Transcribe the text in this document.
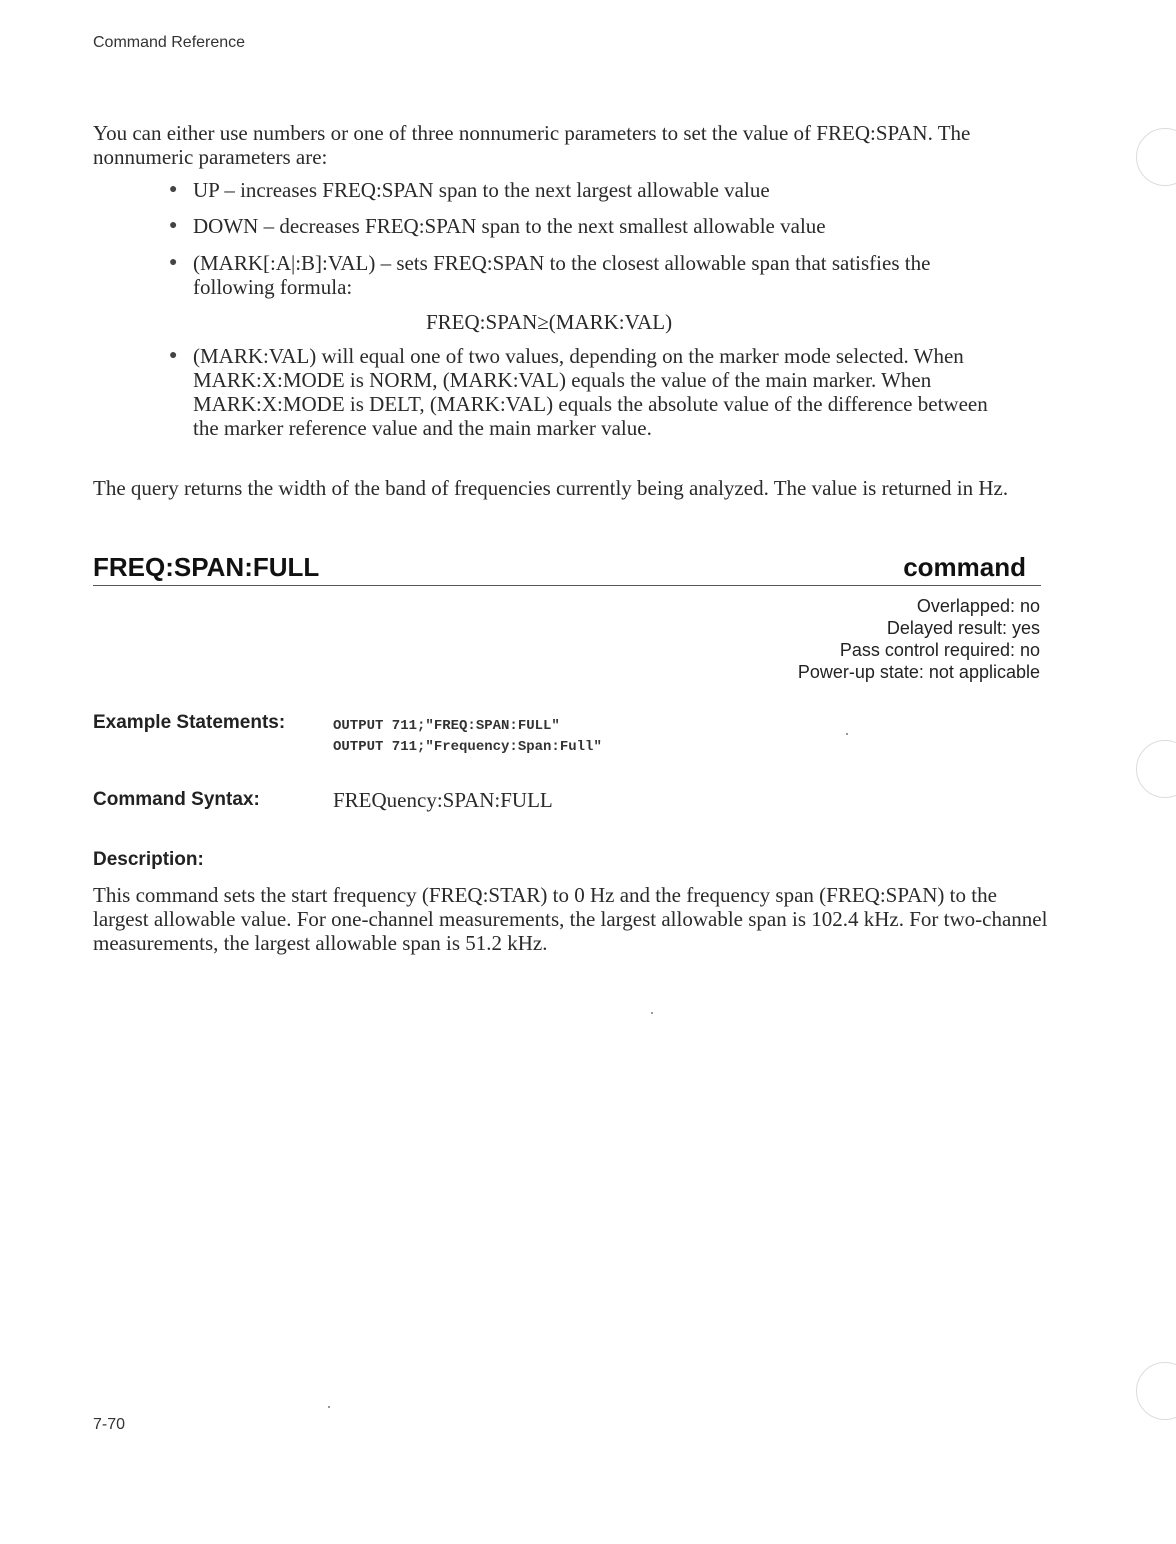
Command Reference

You can either use numbers or one of three nonnumeric parameters to set the value of FREQ:SPAN. The nonnumeric parameters are:

● UP – increases FREQ:SPAN span to the next largest allowable value
● DOWN – decreases FREQ:SPAN span to the next smallest allowable value
● (MARK[:A|:B]:VAL) – sets FREQ:SPAN to the closest allowable span that satisfies the following formula:
FREQ:SPAN≥(MARK:VAL)
● (MARK:VAL) will equal one of two values, depending on the marker mode selected. When MARK:X:MODE is NORM, (MARK:VAL) equals the value of the main marker. When MARK:X:MODE is DELT, (MARK:VAL) equals the absolute value of the difference between the marker reference value and the main marker value.

The query returns the width of the band of frequencies currently being analyzed. The value is returned in Hz.

FREQ:SPAN:FULL	command
Overlapped: no
Delayed result: yes
Pass control required: no
Power-up state: not applicable
Example Statements:	OUTPUT 711;"FREQ:SPAN:FULL"
OUTPUT 711;"Frequency:Span:Full"
Command Syntax:	FREQuency:SPAN:FULL
Description:

This command sets the start frequency (FREQ:STAR) to 0 Hz and the frequency span (FREQ:SPAN) to the largest allowable value. For one-channel measurements, the largest allowable span is 102.4 kHz. For two-channel measurements, the largest allowable span is 51.2 kHz.

7-70
